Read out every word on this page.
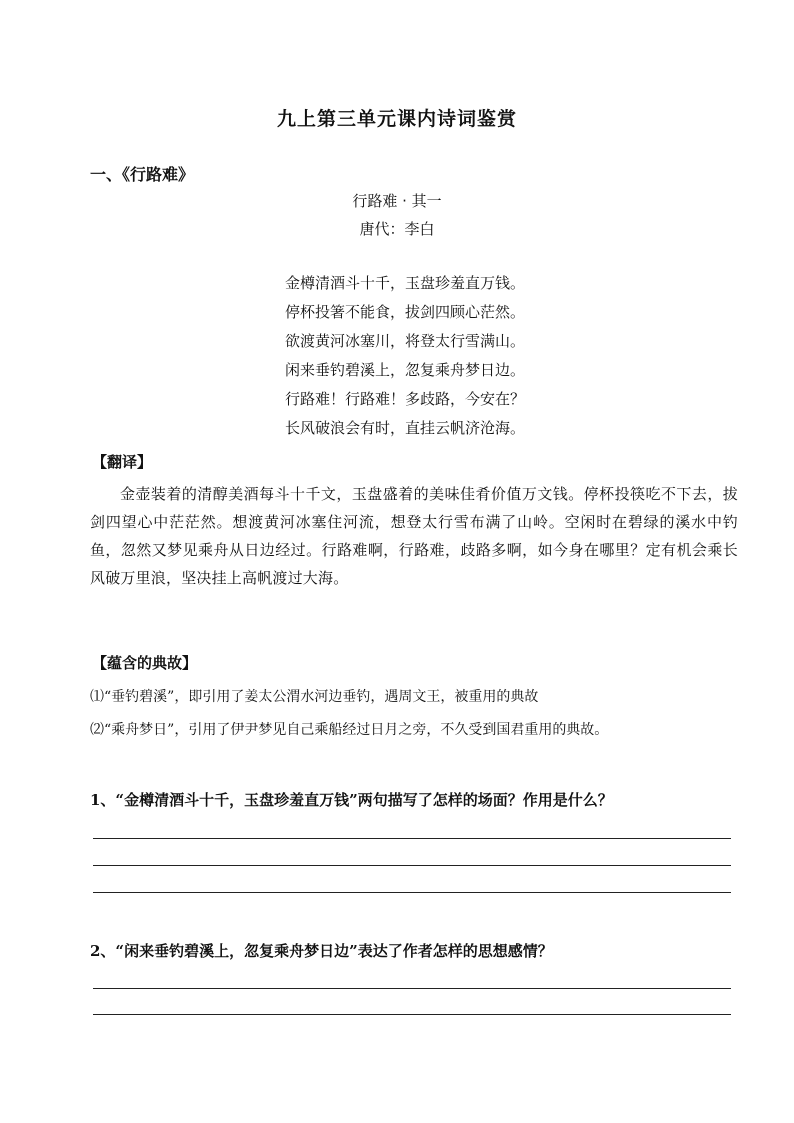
九上第三单元课内诗词鉴赏
一、《行路难》
行路难 · 其一
唐代：李白
金樽清酒斗十千，玉盘珍羞直万钱。
停杯投箸不能食，拔剑四顾心茫然。
欲渡黄河冰塞川，将登太行雪满山。
闲来垂钓碧溪上，忽复乘舟梦日边。
行路难！行路难！多歧路，今安在？
长风破浪会有时，直挂云帆济沧海。
【翻译】
金壶装着的清醇美酒每斗十千文，玉盘盛着的美味佳肴价值万文钱。停杯投筷吃不下去，拔剑四望心中茫茫然。想渡黄河冰塞住河流，想登太行雪布满了山岭。空闲时在碧绿的溪水中钓鱼，忽然又梦见乘舟从日边经过。行路难啊，行路难，歧路多啊，如今身在哪里？定有机会乘长风破万里浪，坚决挂上高帆渡过大海。
【蕴含的典故】
⑴“垂钓碧溪”，即引用了姜太公渭水河边垂钓，遇周文王，被重用的典故
⑵“乘舟梦日”，引用了伊尹梦见自己乘船经过日月之旁，不久受到国君重用的典故。
1、“金樽清酒斗十千，玉盘珍羞直万钱”两句描写了怎样的场面？作用是什么？
2、“闲来垂钓碧溪上，忽复乘舟梦日边”表达了作者怎样的思想感情？
